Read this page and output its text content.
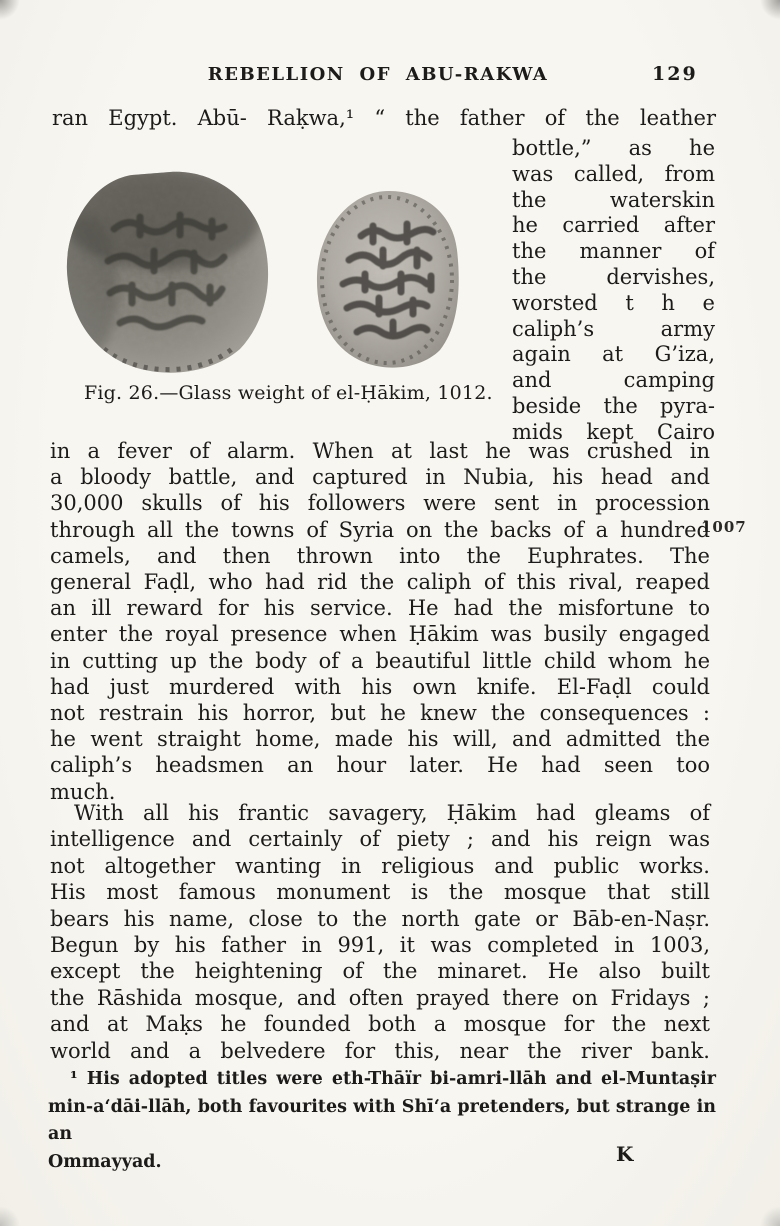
REBELLION OF ABU-RAKWA	129
ran Egypt. Abū- Raḳwa,¹ “ the father of the leather
Fig. 26.—Glass weight of el-Ḥākim, 1012.
bottle,” as he
was called, from
the waterskin
he carried after
the manner of
the dervishes,
worsted t h e
caliph’s army
again at G’iza,
and camping
beside the pyra-
mids kept Cairo
1007
in a fever of alarm. When at last he was crushed in
a bloody battle, and captured in Nubia, his head and
30,000 skulls of his followers were sent in procession
through all the towns of Syria on the backs of a hundred
camels, and then thrown into the Euphrates. The
general Faḍl, who had rid the caliph of this rival, reaped
an ill reward for his service. He had the misfortune to
enter the royal presence when Ḥākim was busily engaged
in cutting up the body of a beautiful little child whom he
had just murdered with his own knife. El-Faḍl could
not restrain his horror, but he knew the consequences :
he went straight home, made his will, and admitted the
caliph’s headsmen an hour later. He had seen too
much.
With all his frantic savagery, Ḥākim had gleams of
intelligence and certainly of piety ; and his reign was
not altogether wanting in religious and public works.
His most famous monument is the mosque that still
bears his name, close to the north gate or Bāb-en-Naṣr.
Begun by his father in 991, it was completed in 1003,
except the heightening of the minaret. He also built
the Rāshida mosque, and often prayed there on Fridays ;
and at Maḳs he founded both a mosque for the next
world and a belvedere for this, near the river bank.
¹ His adopted titles were eth-Thāïr bi-amri-llāh and el-Muntaṣir
min-a‘dāi-llāh, both favourites with Shī‘a pretenders, but strange in an
Ommayyad.	K
